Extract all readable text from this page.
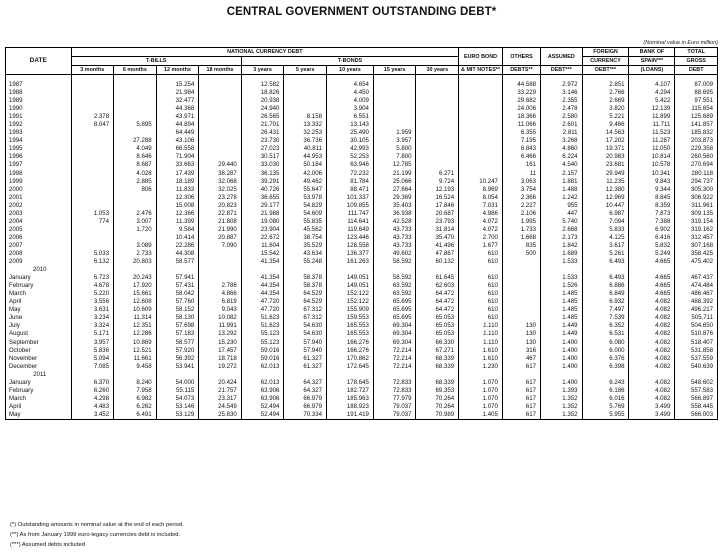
CENTRAL GOVERNMENT OUTSTANDING DEBT*
(Nominal value in Euro million)
DATE	NATIONAL CURRENCY DEBT									EURO BOND	OTHERS	ASSUMED	FOREIGN	BANK OF	TOTAL
	T-BILLS				T-BONDS								CURRENCY	SPAIN***	GROSS
	3 months	6 months	12 months	18 months	3 years	5 years	10 years	15 years	30 years	& MIT NOTES**	DEBTS**	DEBT***	DEBT***	(LOANS)	DEBT

1987			15.254		12.582		4.654				44.588	2.972	2.851	4.107	87.009
1988			21.984		18.826		4.450				33.229	3.146	2.766	4.294	88.695
1989			32.477		20.938		4.009				29.682	2.355	2.669	5.422	97.551
1990			44.368		24.940		3.904				24.006	2.478	3.820	12.139	115.654
1991	2.378		43.971		26.565	8.158	6.551				18.366	2.580	5.221	11.899	125.689
1992	8.047	5.895	44.894		21.701	13.332	13.143				11.066	2.601	9.466	11.711	141.857
1993			64.449		26.431	32.253	25.490	1.959			6.355	2.811	14.563	11.523	185.832
1994		27.288	43.106		23.730	36.736	30.105	3.957			7.195	3.268	17.202	11.287	203.873
1995		4.049	66.558		27.023	40.811	42.993	5.800			6.843	4.860	19.371	11.050	229.358
1996		8.646	71.904		30.517	44.953	52.253	7.800			6.466	6.224	20.983	10.814	260.560
1997		8.687	33.663	29.440	33.030	50.184	63.946	12.785			161	4.540	23.681	10.578	270.694
1998		4.028	17.439	38.287	36.135	42.006	72.232	21.199	6.271		11	2.157	29.949	10.341	280.118
1999		2.885	18.189	32.068	39.291	49.462	81.784	25.066	9.724	10.247	3.063	1.881	11.235	9.843	294.737
2000		806	11.833	32.025	40.726	55.647	88.471	27.664	12.193	8.969	3.754	1.488	12.380	9.344	305.300
2001			12.306	23.278	36.655	53.978	101.337	29.369	16.524	8.054	2.366	1.242	12.969	8.845	306.922
2002			15.008	20.823	29.177	54.829	109.855	35.403	17.846	7.031	2.227	955	10.447	8.359	311.961
2003	1.053	2.476	12.366	22.871	21.988	54.609	111.747	36.938	20.687	4.986	2.106	447	6.987	7.873	309.135
2004	774	3.007	11.399	21.808	19.080	55.835	114.641	42.528	23.793	4.072	1.995	5.740	7.094	7.388	319.154
2005		1.720	9.584	21.990	23.904	45.562	119.649	43.733	31.814	4.072	1.733	2.668	5.833	6.902	319.162
2006			10.414	20.887	22.672	38.754	123.446	43.733	35.470	2.700	1.668	2.173	4.125	6.416	312.457
2007		3.089	22.286	7.090	11.604	35.529	128.558	43.733	41.496	1.677	835	1.842	3.617	5.832	307.168
2008	5.033	2.733	44.308		15.542	43.634	136.377	49.602	47.867	610	500	1.689	5.261	5.249	358.425
2009	6.132	20.803	58.577		41.354	55.248	161.263	58.592	60.132	610		1.533	6.493	4.665	475.402
2010															
January	6.723	20.243	57.941		41.354	58.378	149.051	58.592	61.645	610		1.533	6.493	4.665	467.437
February	4.678	17.920	57.431	2.786	44.354	58.378	149.051	63.592	62.603	610		1.526	6.886	4.665	474.484
March	5.220	15.661	58.042	4.866	44.354	64.529	152.122	63.592	64.472	610		1.485	6.849	4.665	486.467
April	3.556	12.608	57.760	6.819	47.720	64.529	152.122	65.695	64.472	610		1.485	6.932	4.082	488.392
May	3.631	10.609	58.152	9.043	47.720	67.312	155.909	65.695	64.472	610		1.485	7.497	4.082	496.217
June	3.234	11.314	58.130	10.082	51.623	67.312	159.553	65.695	65.053	610		1.485	7.539	4.082	505.711
July	3.324	12.351	57.698	11.991	51.623	54.630	165.553	69.304	65.053	1.110	130	1.449	6.352	4.082	504.650
August	5.171	12.286	57.183	13.292	55.123	54.630	165.553	69.304	65.053	1.110	130	1.449	6.531	4.082	510.876
September	3.957	10.869	58.577	15.230	55.123	57.940	166.276	69.304	66.330	1.110	130	1.400	6.080	4.082	518.407
October	5.836	12.521	57.920	17.457	59.016	57.940	166.276	72.214	67.271	1.610	316	1.400	6.000	4.082	531.858
November	5.094	11.661	56.392	18.718	59.016	61.327	170.862	72.214	68.339	1.610	467	1.400	6.376	4.082	537.559
December	7.085	9.458	53.941	19.272	62.013	61.327	172.645	72.214	68.339	1.230	617	1.400	6.398	4.082	540.639
2011															
January	6.370	8.240	54.000	20.424	62.013	64.327	178.645	72.833	68.339	1.070	617	1.400	6.243	4.082	548.602
February	6.260	7.958	55.115	21.757	63.906	64.327	182.727	72.833	69.353	1.070	617	1.393	6.186	4.082	557.583
March	4.298	6.982	54.073	23.317	63.906	66.979	185.963	77.979	70.264	1.070	617	1.352	6.016	4.082	566.897
April	4.483	6.262	53.146	24.549	52.494	66.979	188.923	79.037	70.264	1.070	617	1.352	5.769	3.499	558.445
May	3.452	6.491	53.129	25.830	52.494	70.334	191.419	79.037	70.989	1.405	617	1.352	5.955	3.499	566.003
(*) Outstanding amounts in nominal value at the end of each period.
(**) As from January 1999 euro-legacy currencies debt is included.
(***) Assumed debts included
